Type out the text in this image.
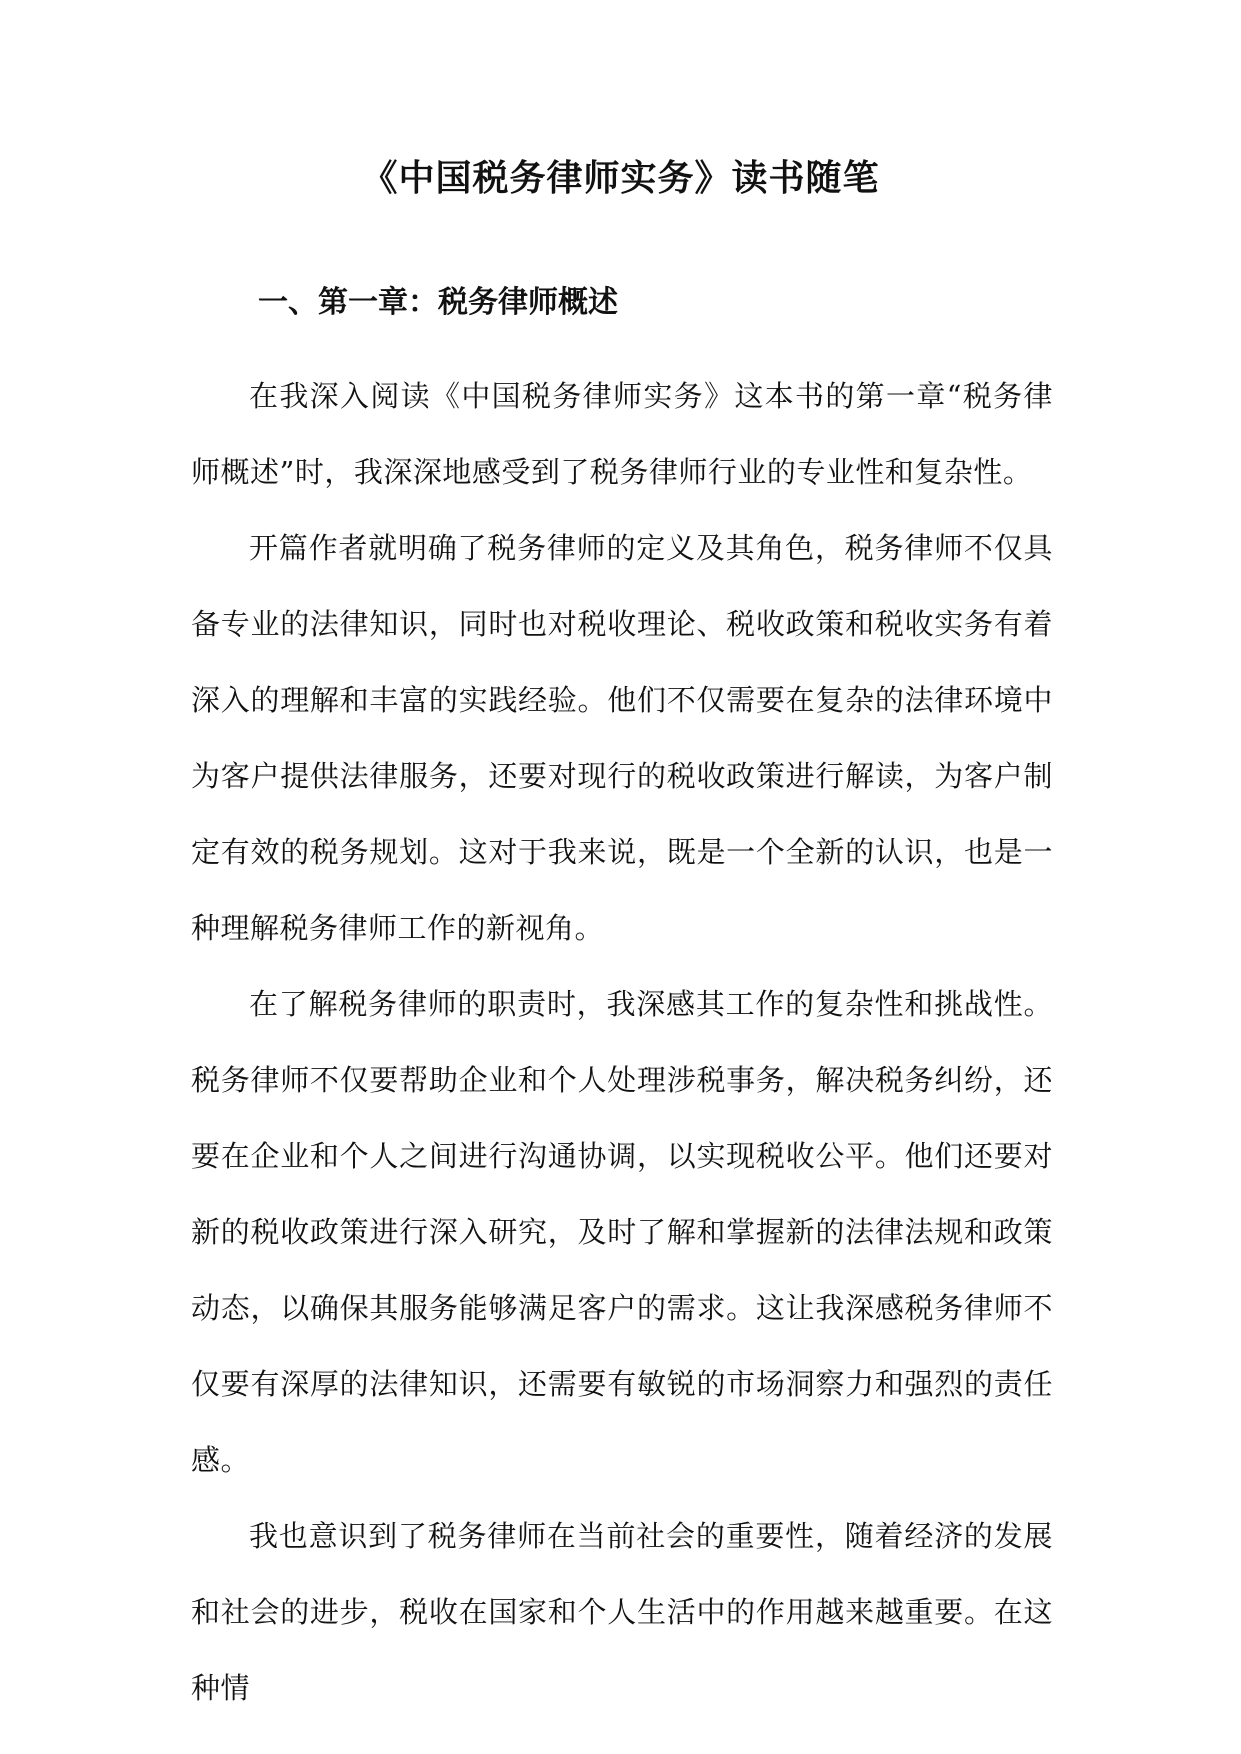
《中国税务律师实务》读书随笔
一、第一章：税务律师概述

在我深入阅读《中国税务律师实务》这本书的第一章“税务律师概述”时，我深深地感受到了税务律师行业的专业性和复杂性。

开篇作者就明确了税务律师的定义及其角色，税务律师不仅具备专业的法律知识，同时也对税收理论、税收政策和税收实务有着深入的理解和丰富的实践经验。他们不仅需要在复杂的法律环境中为客户提供法律服务，还要对现行的税收政策进行解读，为客户制定有效的税务规划。这对于我来说，既是一个全新的认识，也是一种理解税务律师工作的新视角。

在了解税务律师的职责时，我深感其工作的复杂性和挑战性。税务律师不仅要帮助企业和个人处理涉税事务，解决税务纠纷，还要在企业和个人之间进行沟通协调，以实现税收公平。他们还要对新的税收政策进行深入研究，及时了解和掌握新的法律法规和政策动态，以确保其服务能够满足客户的需求。这让我深感税务律师不仅要有深厚的法律知识，还需要有敏锐的市场洞察力和强烈的责任感。

我也意识到了税务律师在当前社会的重要性，随着经济的发展和社会的进步，税收在国家和个人生活中的作用越来越重要。在这种情
